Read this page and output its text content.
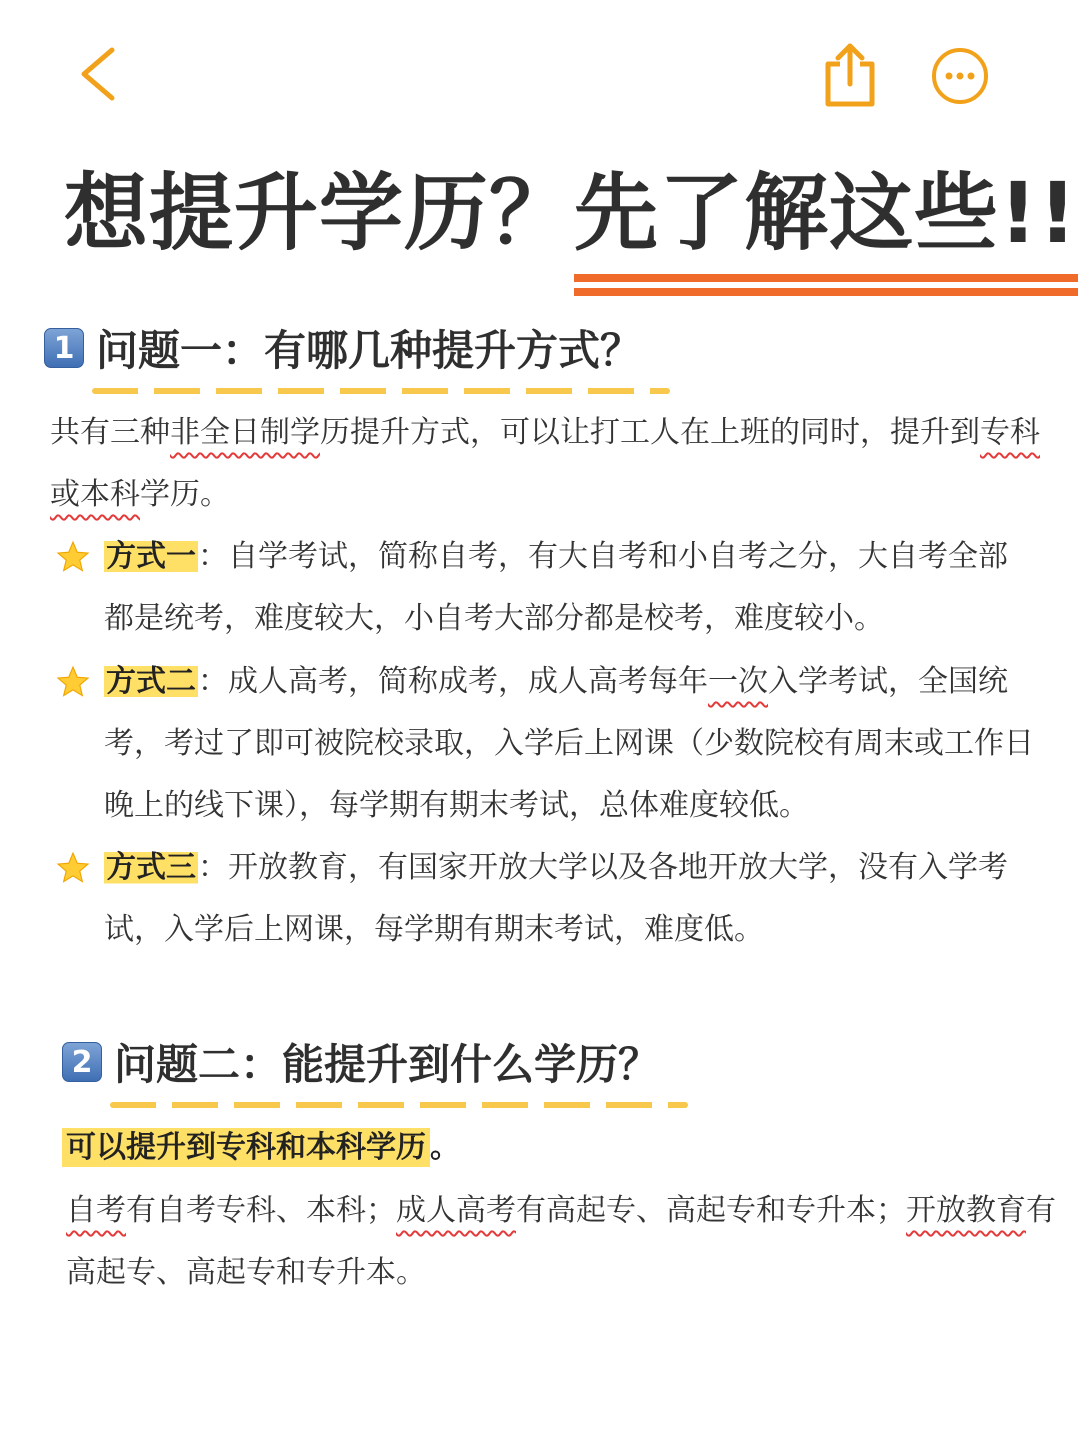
想提升学历？先了解这些!!
1 问题一：有哪几种提升方式？
共有三种非全日制学历提升方式，可以让打工人在上班的同时，提升到专科或本科学历。
方式一：自学考试，简称自考，有大自考和小自考之分，大自考全部都是统考，难度较大，小自考大部分都是校考，难度较小。
方式二：成人高考，简称成考，成人高考每年一次入学考试，全国统考，考过了即可被院校录取，入学后上网课（少数院校有周末或工作日晚上的线下课），每学期有期末考试，总体难度较低。
方式三：开放教育，有国家开放大学以及各地开放大学，没有入学考试，入学后上网课，每学期有期末考试，难度低。
2 问题二：能提升到什么学历？
可以提升到专科和本科学历 。
自考有自考专科、本科；成人高考有高起专、高起专和专升本；开放教育有高起专、高起专和专升本。
